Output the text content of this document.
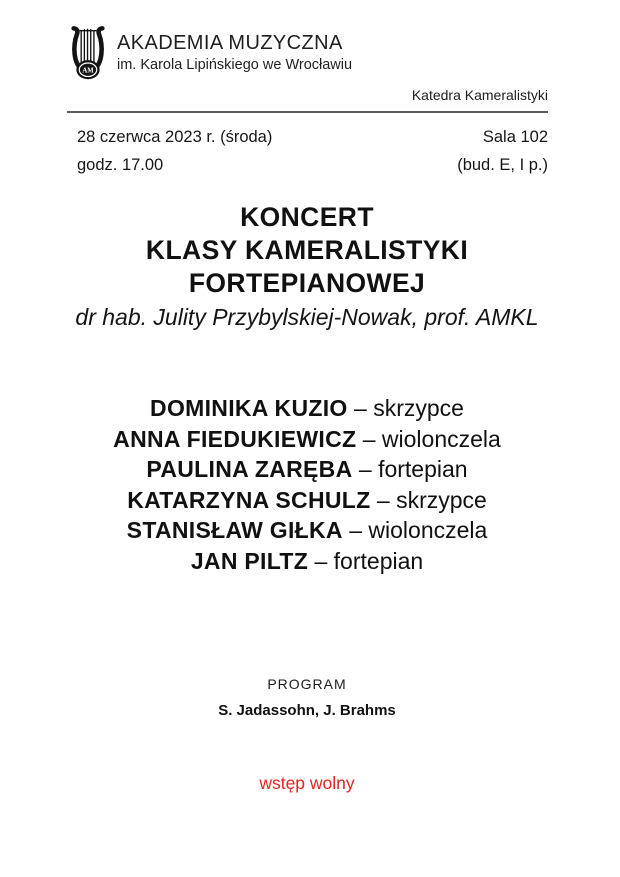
AM
AKADEMIA MUZYCZNA
im. Karola Lipińskiego we Wrocławiu
Katedra Kameralistyki
28 czerwca 2023 r. (środa)	Sala 102
godz. 17.00	(bud. E, I p.)
KONCERT
KLASY KAMERALISTYKI
FORTEPIANOWEJ
dr hab. Julity Przybylskiej-Nowak, prof. AMKL
DOMINIKA KUZIO – skrzypce
ANNA FIEDUKIEWICZ – wiolonczela
PAULINA ZARĘBA – fortepian
KATARZYNA SCHULZ – skrzypce
STANISŁAW GIŁKA – wiolonczela
JAN PILTZ – fortepian
PROGRAM
S. Jadassohn, J. Brahms
wstęp wolny
